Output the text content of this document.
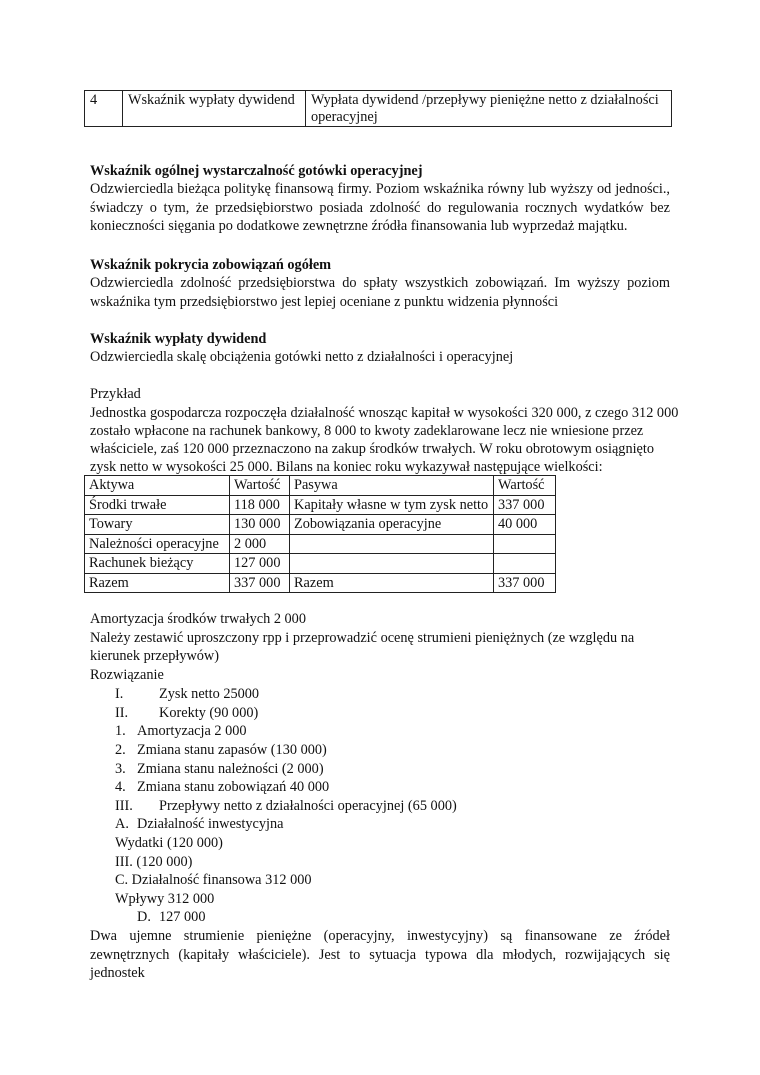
4	Wskaźnik wypłaty dywidend	Wypłata dywidend /przepływy pieniężne netto z działalności operacyjnej
Wskaźnik ogólnej wystarczalność gotówki operacyjnej
Odzwierciedla bieżąca politykę finansową firmy. Poziom wskaźnika równy lub wyższy od jedności., świadczy o tym, że przedsiębiorstwo posiada zdolność do regulowania rocznych wydatków bez konieczności sięgania po dodatkowe zewnętrzne źródła finansowania lub wyprzedaż majątku.
Wskaźnik pokrycia zobowiązań ogółem
Odzwierciedla zdolność przedsiębiorstwa do spłaty wszystkich zobowiązań. Im wyższy poziom wskaźnika tym przedsiębiorstwo jest lepiej oceniane z punktu widzenia płynności
Wskaźnik wypłaty dywidend
Odzwierciedla skalę obciążenia gotówki netto z działalności i operacyjnej
Przykład
Jednostka gospodarcza rozpoczęła działalność wnosząc kapitał w wysokości 320 000, z czego 312 000
zostało wpłacone na rachunek bankowy, 8 000 to kwoty zadeklarowane lecz nie wniesione przez
właściciele, zaś 120 000 przeznaczono na zakup środków trwałych. W roku obrotowym osiągnięto
zysk netto w wysokości 25 000. Bilans na koniec roku wykazywał następujące wielkości:
Aktywa	Wartość	Pasywa	Wartość
Środki trwałe	118 000	Kapitały własne w tym zysk netto	337 000
Towary	130 000	Zobowiązania operacyjne	40 000
Należności operacyjne	2 000		
Rachunek bieżący	127 000		
Razem	337 000	Razem	337 000
Amortyzacja środków trwałych 2 000
Należy zestawić uproszczony rpp i przeprowadzić ocenę strumieni pieniężnych (ze względu na
kierunek przepływów)
Rozwiązanie
I. Zysk netto 25000
II. Korekty (90 000)
1. Amortyzacja 2 000
2. Zmiana stanu zapasów (130 000)
3. Zmiana stanu należności (2 000)
4. Zmiana stanu zobowiązań 40 000
III. Przepływy netto z działalności operacyjnej (65 000)
A. Działalność inwestycyjna
Wydatki (120 000)
III. (120 000)
C. Działalność finansowa 312 000
Wpływy 312 000
D. 127 000
Dwa ujemne strumienie pieniężne (operacyjny, inwestycyjny) są finansowane ze źródeł zewnętrznych (kapitały właściciele). Jest to sytuacja typowa dla młodych, rozwijających się jednostek
